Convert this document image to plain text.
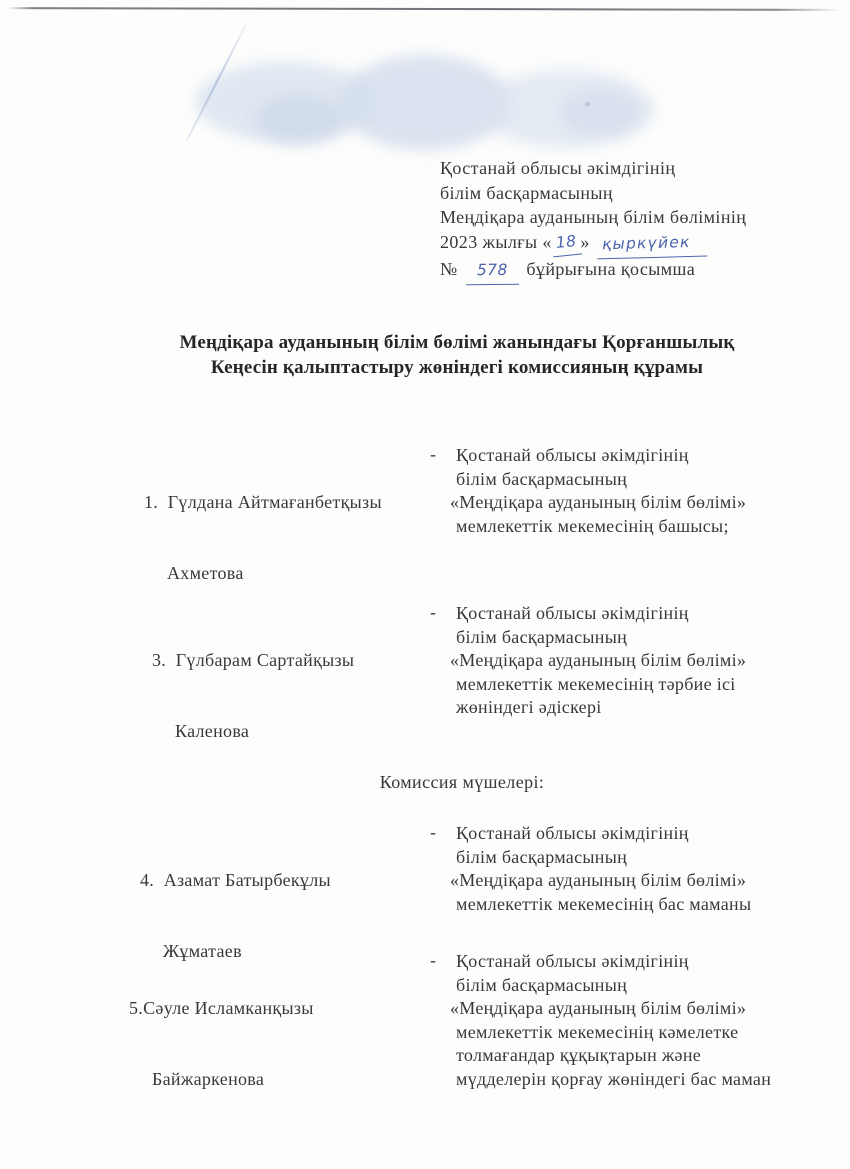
Қостанай облысы әкімдігінің
білім басқармасының
Меңдіқара ауданының білім бөлімінің
2023 жылғы « 18 » қыркүйек
№ 578 бұйрығына қосымша
Меңдіқара ауданының білім бөлімі жанындағы Қорғаншылық
Кеңесін қалыптастыру жөніндегі комиссияның құрамы

1.  Гүлдана Айтмағанбетқызы

Ахметова

- Қостанай облысы әкімдігінің
білім басқармасының
«Меңдіқара ауданының білім бөлімі»
мемлекеттік мекемесінің башысы;

3.  Гүлбарам Сартайқызы

Каленова

- Қостанай облысы әкімдігінің
білім басқармасының
«Меңдіқара ауданының білім бөлімі»
мемлекеттік мекемесінің тәрбие ісі
жөніндегі әдіскері
Комиссия мүшелері:

4.  Азамат Батырбекұлы

Жұматаев

- Қостанай облысы әкімдігінің
білім басқармасының
«Меңдіқара ауданының білім бөлімі»
мемлекеттік мекемесінің бас маманы

5.Сәуле Исламканқызы

Байжаркенова

- Қостанай облысы әкімдігінің
білім басқармасының
«Меңдіқара ауданының білім бөлімі»
мемлекеттік мекемесінің кәмелетке
толмағандар құқықтарын және
мүдделерін қорғау жөніндегі бас маман
